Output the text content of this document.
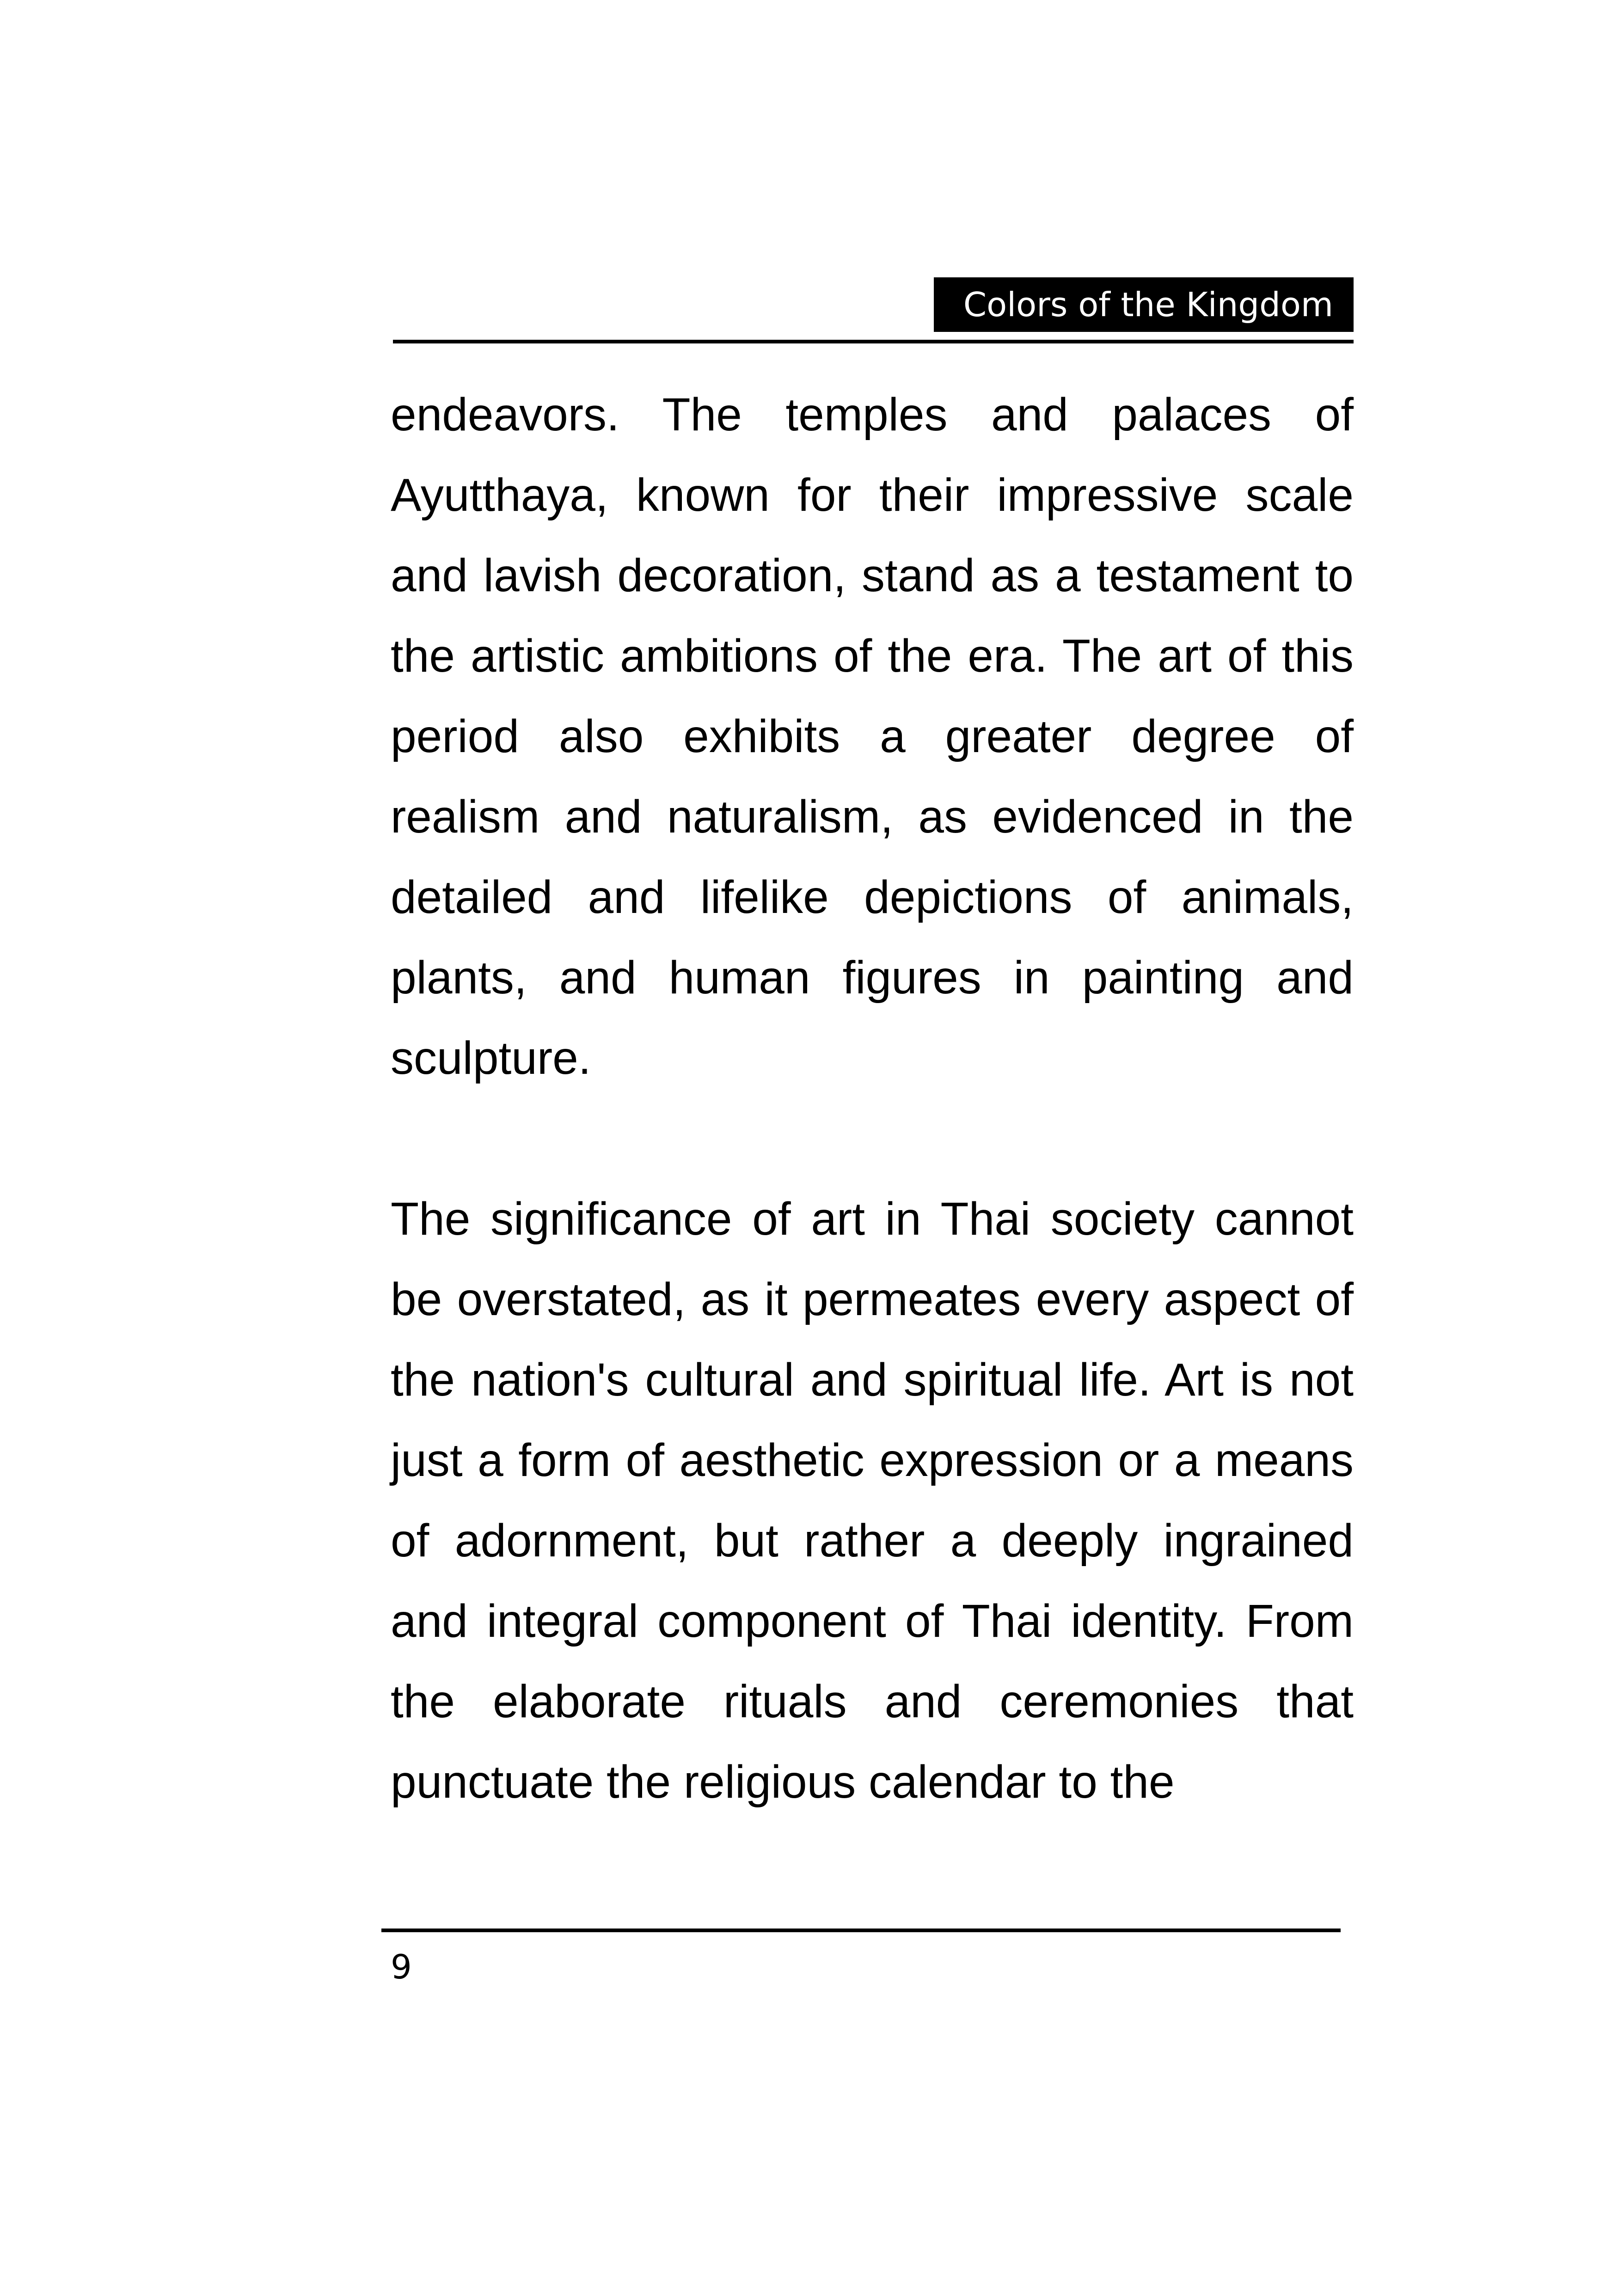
Colors of the Kingdom

endeavors. The temples and palaces of Ayutthaya, known for their impressive scale and lavish decoration, stand as a testament to the artistic ambitions of the era. The art of this period also exhibits a greater degree of realism and naturalism, as evidenced in the detailed and lifelike depictions of animals, plants, and human figures in painting and sculpture.

The significance of art in Thai society cannot be overstated, as it permeates every aspect of the nation's cultural and spiritual life. Art is not just a form of aesthetic expression or a means of adornment, but rather a deeply ingrained and integral component of Thai identity. From the elaborate rituals and ceremonies that punctuate the religious calendar to the

9
